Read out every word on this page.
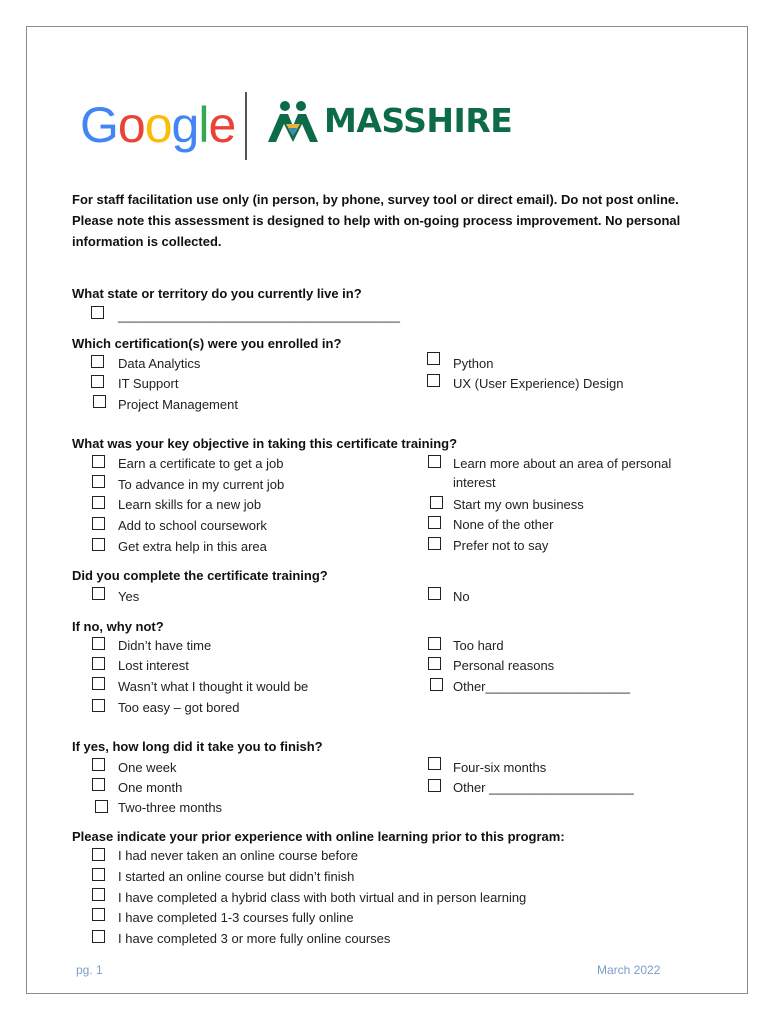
Google	MASSHIRE
For staff facilitation use only (in person, by phone, survey tool or direct email). Do not post online. Please note this assessment is designed to help with on-going process improvement. No personal information is collected.
What state or territory do you currently live in?
_______________________________________
Which certification(s) were you enrolled in?
Data Analytics
IT Support
Project Management
Python
UX (User Experience) Design
What was your key objective in taking this certificate training?
Earn a certificate to get a job
To advance in my current job
Learn skills for a new job
Add to school coursework
Get extra help in this area
Learn more about an area of personal
interest
Start my own business
None of the other
Prefer not to say
Did you complete the certificate training?
Yes	No
If no, why not?
Didn’t have time
Lost interest
Wasn’t what I thought it would be
Too easy – got bored
Too hard
Personal reasons
Other____________________
If yes, how long did it take you to finish?
One week
One month
Two-three months
Four-six months
Other ____________________
Please indicate your prior experience with online learning prior to this program:
I had never taken an online course before
I started an online course but didn’t finish
I have completed a hybrid class with both virtual and in person learning
I have completed 1-3 courses fully online
I have completed 3 or more fully online courses
pg. 1	March 2022
